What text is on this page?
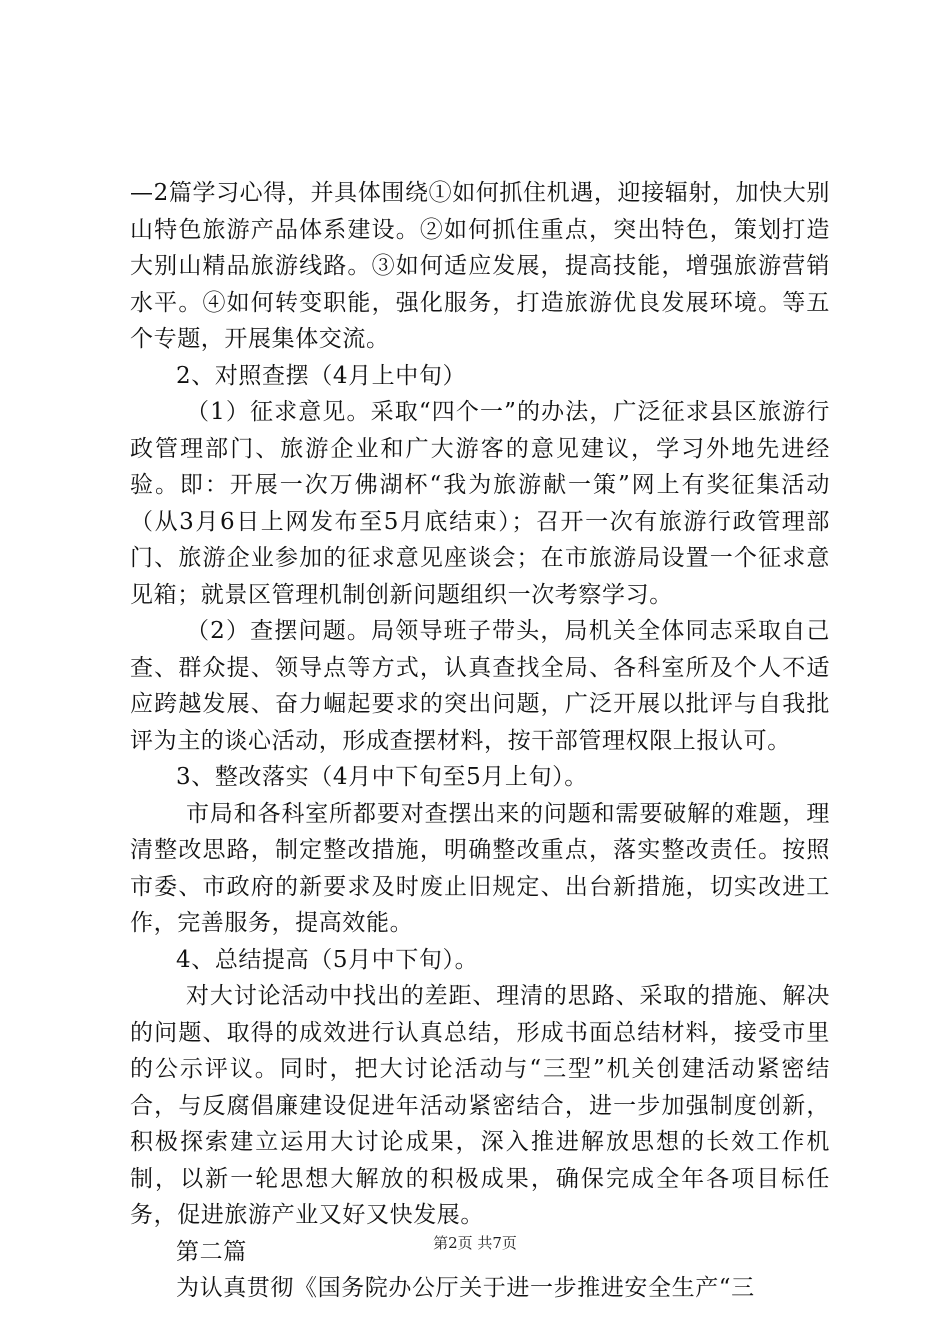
—2篇学习心得，并具体围绕①如何抓住机遇，迎接辐射，加快大别山特色旅游产品体系建设。②如何抓住重点，突出特色，策划打造大别山精品旅游线路。③如何适应发展，提高技能，增强旅游营销水平。④如何转变职能，强化服务，打造旅游优良发展环境。等五个专题，开展集体交流。

2、对照查摆（4月上中旬）

（1）征求意见。采取“四个一”的办法，广泛征求县区旅游行政管理部门、旅游企业和广大游客的意见建议，学习外地先进经验。即：开展一次万佛湖杯“我为旅游献一策”网上有奖征集活动（从3月6日上网发布至5月底结束）；召开一次有旅游行政管理部门、旅游企业参加的征求意见座谈会；在市旅游局设置一个征求意见箱；就景区管理机制创新问题组织一次考察学习。

（2）查摆问题。局领导班子带头，局机关全体同志采取自己查、群众提、领导点等方式，认真查找全局、各科室所及个人不适应跨越发展、奋力崛起要求的突出问题，广泛开展以批评与自我批评为主的谈心活动，形成查摆材料，按干部管理权限上报认可。

3、整改落实（4月中下旬至5月上旬）。

市局和各科室所都要对查摆出来的问题和需要破解的难题，理清整改思路，制定整改措施，明确整改重点，落实整改责任。按照市委、市政府的新要求及时废止旧规定、出台新措施，切实改进工作，完善服务，提高效能。

4、总结提高（5月中下旬）。

对大讨论活动中找出的差距、理清的思路、采取的措施、解决的问题、取得的成效进行认真总结，形成书面总结材料，接受市里的公示评议。同时，把大讨论活动与“三型”机关创建活动紧密结合，与反腐倡廉建设促进年活动紧密结合，进一步加强制度创新，积极探索建立运用大讨论成果，深入推进解放思想的长效工作机制，以新一轮思想大解放的积极成果，确保完成全年各项目标任务，促进旅游产业又好又快发展。

第二篇

为认真贯彻《国务院办公厅关于进一步推进安全生产“三

第2页 共7页
